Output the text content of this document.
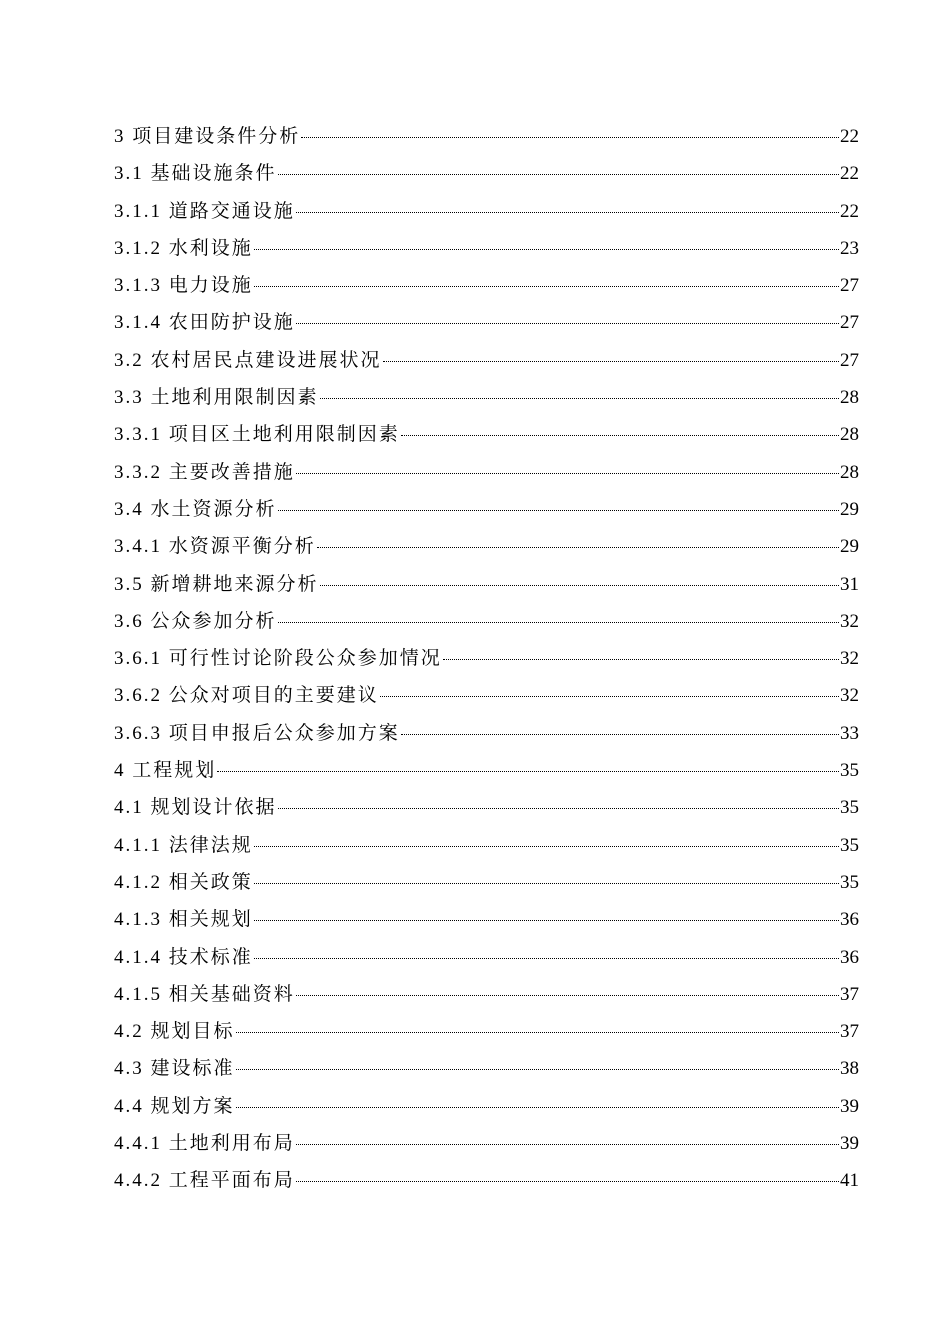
3 项目建设条件分析	22
3.1 基础设施条件	22
3.1.1 道路交通设施	22
3.1.2 水利设施	23
3.1.3 电力设施	27
3.1.4 农田防护设施	27
3.2 农村居民点建设进展状况	27
3.3 土地利用限制因素	28
3.3.1 项目区土地利用限制因素	28
3.3.2 主要改善措施	28
3.4 水土资源分析	29
3.4.1 水资源平衡分析	29
3.5 新增耕地来源分析	31
3.6 公众参加分析	32
3.6.1 可行性讨论阶段公众参加情况	32
3.6.2 公众对项目的主要建议	32
3.6.3 项目申报后公众参加方案	33
4 工程规划	35
4.1 规划设计依据	35
4.1.1 法律法规	35
4.1.2 相关政策	35
4.1.3 相关规划	36
4.1.4 技术标准	36
4.1.5 相关基础资料	37
4.2 规划目标	37
4.3 建设标准	38
4.4 规划方案	39
4.4.1 土地利用布局	39
4.4.2 工程平面布局	41
